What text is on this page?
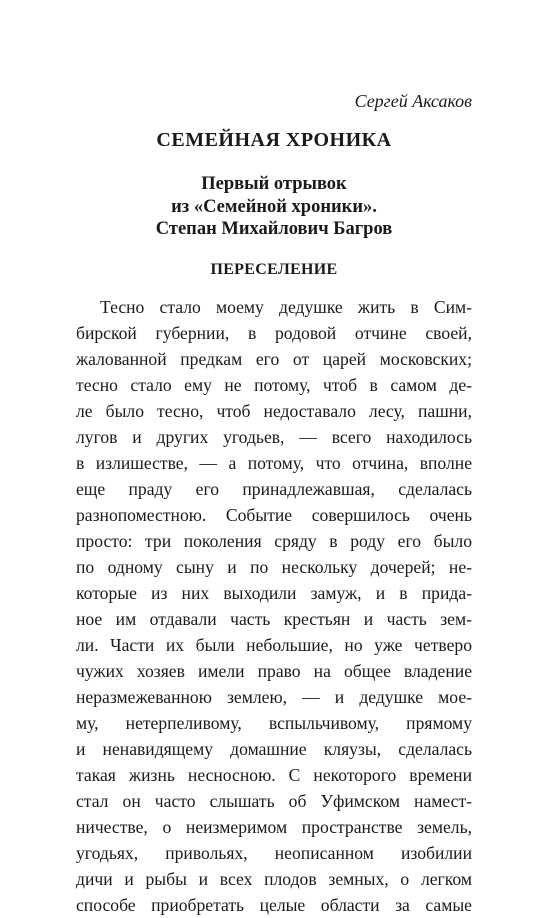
Сергей Аксаков

СЕМЕЙНАЯ ХРОНИКА
Первый отрывок
из «Семейной хроники».
Степан Михайлович Багров
ПЕРЕСЕЛЕНИЕ
Тесно стало моему дедушке жить в Сим-
бирской губернии, в родовой отчине своей,
жалованной предкам его от царей московских;
тесно стало ему не потому, чтоб в самом де-
ле было тесно, чтоб недоставало лесу, пашни,
лугов и других угодьев, — всего находилось
в излишестве, — а потому, что отчина, вполне
еще праду его принадлежавшая, сделалась
разнопоместною. Событие совершилось очень
просто: три поколения сряду в роду его было
по одному сыну и по нескольку дочерей; не-
которые из них выходили замуж, и в прида-
ное им отдавали часть крестьян и часть зем-
ли. Части их были небольшие, но уже четверо
чужих хозяев имели право на общее владение
неразмежеванною землею, — и дедушке мое-
му, нетерпеливому, вспыльчивому, прямому
и ненавидящему домашние кляузы, сделалась
такая жизнь несносною. С некоторого времени
стал он часто слышать об Уфимском намест-
ничестве, о неизмеримом пространстве земель,
угодьях, привольях, неописанном изобилии
дичи и рыбы и всех плодов земных, о легком
способе приобретать целые области за самые
